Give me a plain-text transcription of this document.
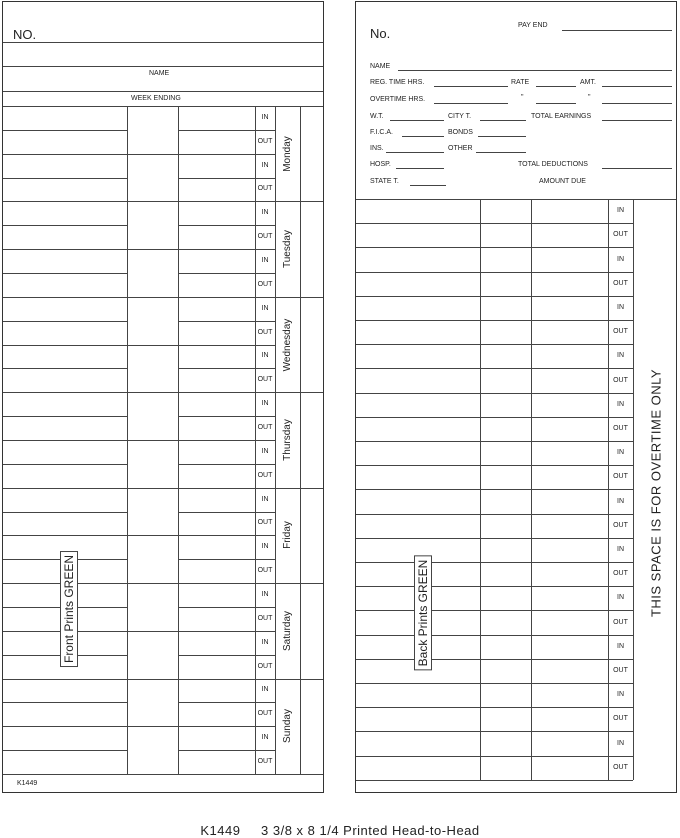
NO.
NAME
WEEK ENDING
IN
OUT
IN
OUT
Monday
IN
OUT
IN
OUT
Tuesday
IN
OUT
IN
OUT
Wednesday
IN
OUT
IN
OUT
Thursday
IN
OUT
IN
OUT
Friday
IN
OUT
IN
OUT
Saturday
IN
OUT
IN
OUT
Sunday
Front Prints GREEN
K1449
No.
PAY END
NAME
REG. TIME HRS.	RATE	AMT.
OVERTIME HRS.	"	"
W.T.	CITY T.	TOTAL EARNINGS
F.I.C.A.	BONDS
INS.	OTHER
HOSP.	TOTAL DEDUCTIONS
STATE T.	AMOUNT DUE
IN
OUT
IN
OUT
IN
OUT
IN
OUT
IN
OUT
IN
OUT
IN
OUT
IN
OUT
IN
OUT
IN
OUT
IN
OUT
IN
OUT
THIS SPACE IS FOR OVERTIME ONLY
Back Prints GREEN
K1449     3 3/8 x 8 1/4 Printed Head-to-Head
